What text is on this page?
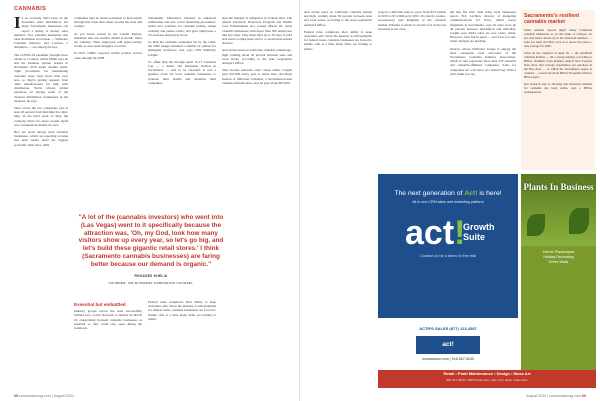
CANNABIS
I n an economy that's been on the downturn since mid-March, not many Sacramento businesses can report a spring of money sales numbers. Two cannabis businesses that raise $4 million in revenue — Stillwater Cannabis Delivery and Cookers, a distributor — are among the few.

The COVID-19 pandemic brought more clients to Cookers, which Miller says he and his business partner started in November 2019 under another name. Tight procedures for maintaining customer lines were more than ever now, so they're getting requests from other manufacturers for help with distribution. We've always prided ourselves on having some of the cleanest distribution warehouses in the business, he says.

Sales across the two companies rose at least 20 percent from mid-March to mid-May. In the third week of May, the company hired two more people. April was a tremendous month, he says.

He's not alone among local cannabis businesses, which are reporting revenue that held steady amid the biggest economic slide since 1929.

companies may be better positioned to hold steady through this crisis than others around the state and country.

As job losses mount in the Capital Region, industries that can weather dismal economic times are valuable. Their employees will spend money locally as area retail struggles to revive.

In 2012, CMRC reported certain product sectors came through the 2008

Therapeutic Alternative invested in enhanced sanitization and new social distancing procedures; added new positions for curbside pickup, online ordering and phone orders; and gave employees a 2% increase hazard pay boost.

To help the cannabis companies hit by the crisis, the 2020 budget included a number of options for managing workforce cuts, says CEO Kimberly Cargile.

To offset help the through April 15-13 Cannabis Cap — a music and marijuana festival in Sacramento — had to be canceled. It was a genuine event for local cannabis businesses to promote their brands and advertise their companies.

Essential but embattled

Industry groups across the state successfully lobbied Gov. Gavin Newsom to declare in March 19 categorizing licensed cannabis businesses as essential so they could stay open during the lockdown.

Federal rules complicate their ability to keep customers safe. Since the industry is still ineligible for federal loans, cannabis businesses are forced to handle cash at a time many firms are turning to plastic.

And the industry is whispered by federal rules. The federal Paycheck Protection Program and Health Care Enhancement Act, passed March 28, treats cannabis businesses with fewer than 500 employees like any other. They must offer up to 10 days of paid sick leave to employees out for a coronavirus-related absence.

And excise taxes on California cannabis remain sky-high, totaling about 50 percent between state and local levies, according to the state Legislative Analyst's Office.

State license renewals aren't cheap either. Cargile pays $57,000 every year to renew hers, and Ryan Deaton of Stillwater Cannabis, a Sacramento-based cannabis manufacturer, says he pays about $95,000.

"A lot of the (cannabis investors) who went into (Las Vegas) went to it specifically because the attraction was, 'Oh, my God, look how many visitors show up every year, so let's go big, and let's build these gigantic retail stores.' I think (Sacramento cannabis businesses) are faring better because our demand is organic."
RHOADES KHELIA
FOUNDER, 350 BUSINESS CORPORATE COUNSEL
68 comstocksmag.com | August 2020

And excise taxes on California cannabis remain sky-high, totaling about 50 percent between state and local levies, according to the state Legislative Analyst's Office.

Federal rules complicate their ability to keep customers safe. Since the industry is still ineligible for federal loans, cannabis businesses are forced to handle cash at a time many firms are turning to plastic.

projects California sales to grow from $3.5 billion in 2019 to $7.4 billion by 2025. It's clearly counter-recessionary, says Kingham of the cannabis market. Whether as much as alcohol was in the last recession is not clear.

All that fits with what some local businesses report. Eric Lachhta, director of marketing communications for Kiva, which tracks shipments in Sacramento, says its sales were up 40 percent between mid-March and mid-May. Cargile says ATA's sales are now pretty stable. However, sales fell in April — and we're not sure where budgets are heading.

Deaton, whose Stillwater lounge is among the most outspoken local advocates of the Sacramento Cannabis Industry Association, which in turn represents more than 150 cannabis and cannabis-affiliated companies. Sales for companies are a bit more of a mixed bag. What I don't think you see

Sacramento's resilient cannabis market

Some national reports depict many California cannabis businesses as on the brink of collapse. As yet, that hasn't shown up in the statewide numbers — sales for April and May were at or above the year-to-date average for 2020.

Sales on the weekend of April 20 — the unofficial cannabis holiday — hit a strong number, according to BDSA. Numbers from industry analyst New Frontier Data show that average expenditure per purchase in the Bay Area — to which the Sacramento region is counted — went from about $60 in November 2019 to $85 in April.

Our research data is showing that increased demand for cannabis has been stable, says a BDSA spokesperson.

The next generation of Act! is here!
All-in-one CRM sales and marketing platform
act!
Growth
Suite
Contact us for a demo & free trial
ACTIPS SALES (877) 123-4567
act!
innovaclone.com | 916 657-5030
Plants In Business
Interior Plantscapes
Holiday Decorating
Green Walls
Retail • Plant Maintenance • Design • Moss Art
916 447-4323 | 1525 Foster Ave., Sac, CA | Open: 11am-5pm
August 2020 | comstocksmag.com 69
